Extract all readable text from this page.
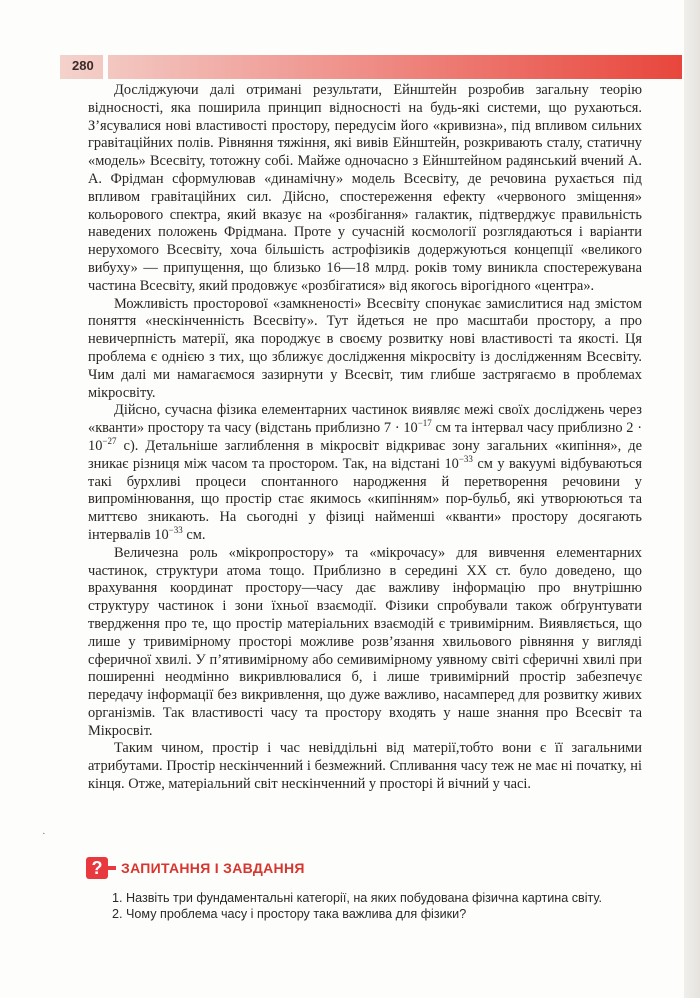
280

Досліджуючи далі отримані результати, Ейнштейн розробив загальну теорію відносності, яка поширила принцип відносності на будь-які системи, що рухаються. З’ясувалися нові властивості простору, передусім його «кривизна», під впливом сильних гравітаційних полів. Рівняння тяжіння, які вивів Ейнштейн, розкривають сталу, статичну «модель» Всесвіту, тотожну собі. Майже одночасно з Ейнштейном радянський вчений А. А. Фрідман сформулював «динамічну» модель Всесвіту, де речовина рухається під впливом гравітаційних сил. Дійсно, спостереження ефекту «червоного зміщення» кольорового спектра, який вказує на «розбігання» галактик, підтверджує правильність наведених положень Фрідмана. Проте у сучасній космології розглядаються і варіанти нерухомого Всесвіту, хоча більшість астрофізиків додержуються концепції «великого вибуху» — припущення, що близько 16—18 млрд. років тому виникла спостережувана частина Всесвіту, який продовжує «розбігатися» від якогось вірогідного «центра».

Можливість просторової «замкненості» Всесвіту спонукає замислитися над змістом поняття «нескінченність Всесвіту». Тут йдеться не про масштаби простору, а про невичерпність матерії, яка породжує в своєму розвитку нові властивості та якості. Ця проблема є однією з тих, що зближує дослідження мікросвіту із дослідженням Всесвіту. Чим далі ми намагаємося зазирнути у Всесвіт, тим глибше застрягаємо в проблемах мікросвіту.

Дійсно, сучасна фізика елементарних частинок виявляє межі своїх досліджень через «кванти» простору та часу (відстань приблизно $7 \cdot 10^{-17}$ см та інтервал часу приблизно $2 \cdot 10^{-27}$ с). Детальніше заглиблення в мікросвіт відкриває зону загальних «кипіння», де зникає різниця між часом та простором. Так, на відстані $10^{-33}$ см у вакуумі відбуваються такі бурхливі процеси спонтанного народження й перетворення речовини у випромінювання, що простір стає якимось «кипінням» пор-бульб, які утворюються та миттєво зникають. На сьогодні у фізиці найменші «кванти» простору досягають інтервалів $10^{-33}$ см.

Величезна роль «мікропростору» та «мікрочасу» для вивчення елементарних частинок, структури атома тощо. Приблизно в середині XX ст. було доведено, що врахування координат простору—часу дає важливу інформацію про внутрішню структуру частинок і зони їхньої взаємодії. Фізики спробували також обґрунтувати твердження про те, що простір матеріальних взаємодій є тривимірним. Виявляється, що лише у тривимірному просторі можливе розв’язання хвильового рівняння у вигляді сферичної хвилі. У п’ятивимірному або семивимірному уявному світі сферичні хвилі при поширенні неодмінно викривлювалися б, і лише тривимірний простір забезпечує передачу інформації без викривлення, що дуже важливо, насамперед для розвитку живих організмів. Так властивості часу та простору входять у наше знання про Всесвіт та Мікросвіт.

Таким чином, простір і час невіддільні від матерії,тобто вони є її загальними атрибутами. Простір нескінченний і безмежний. Спливання часу теж не має ні початку, ні кінця. Отже, матеріальний світ нескінченний у просторі й вічний у часі.

·
?	ЗАПИТАННЯ І ЗАВДАННЯ
1. Назвіть три фундаментальні категорії, на яких побудована фізична картина світу.
2. Чому проблема часу і простору така важлива для фізики?
